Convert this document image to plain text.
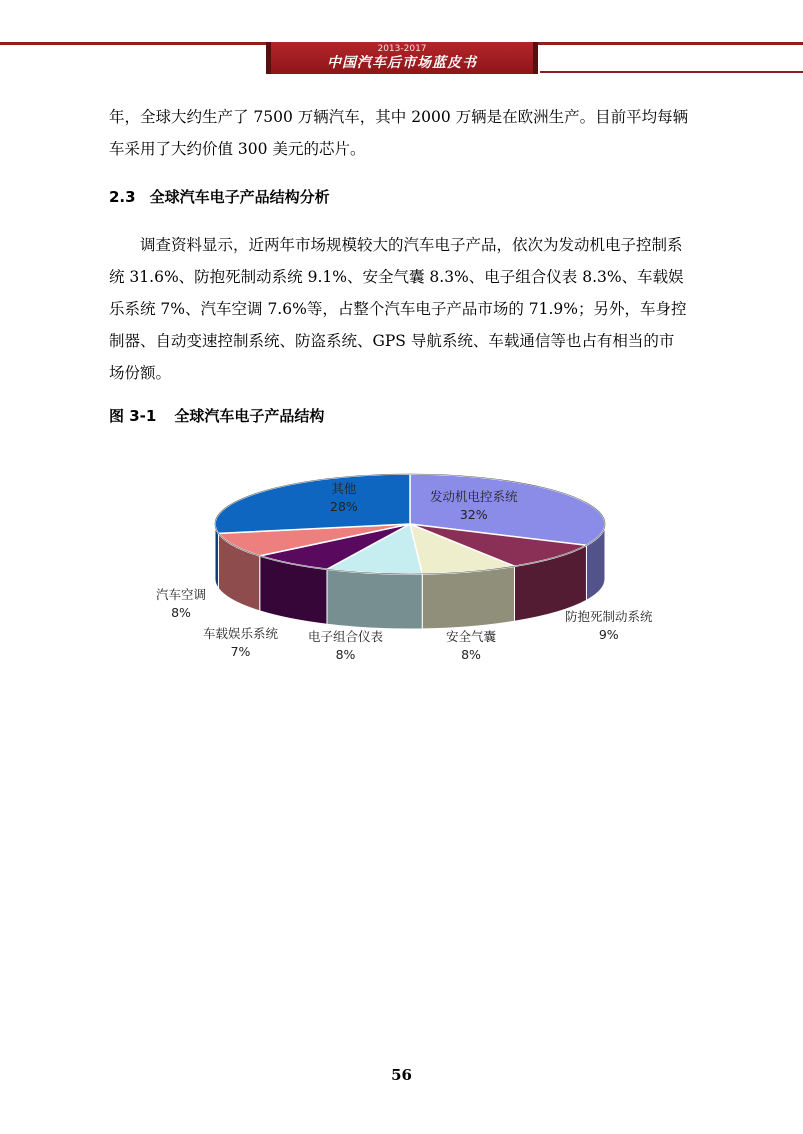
2013-2017
中国汽车后市场蓝皮书

年，全球大约生产了 7500 万辆汽车，其中 2000 万辆是在欧洲生产。目前平均每辆车采用了大约价值 300 美元的芯片。

2.3 全球汽车电子产品结构分析

调查资料显示，近两年市场规模较大的汽车电子产品，依次为发动机电子控制系统 31.6%、防抱死制动系统 9.1%、安全气囊 8.3%、电子组合仪表 8.3%、车载娱乐系统 7%、汽车空调 7.6%等，占整个汽车电子产品市场的 71.9%；另外，车身控制器、自动变速控制系统、防盗系统、GPS 导航系统、车载通信等也占有相当的市场份额。

图 3-1 全球汽车电子产品结构
其他
28%
发动机电控系统
32%
汽车空调
8%
车载娱乐系统
7%
电子组合仪表
8%
安全气囊
8%
防抱死制动系统
9%
56
